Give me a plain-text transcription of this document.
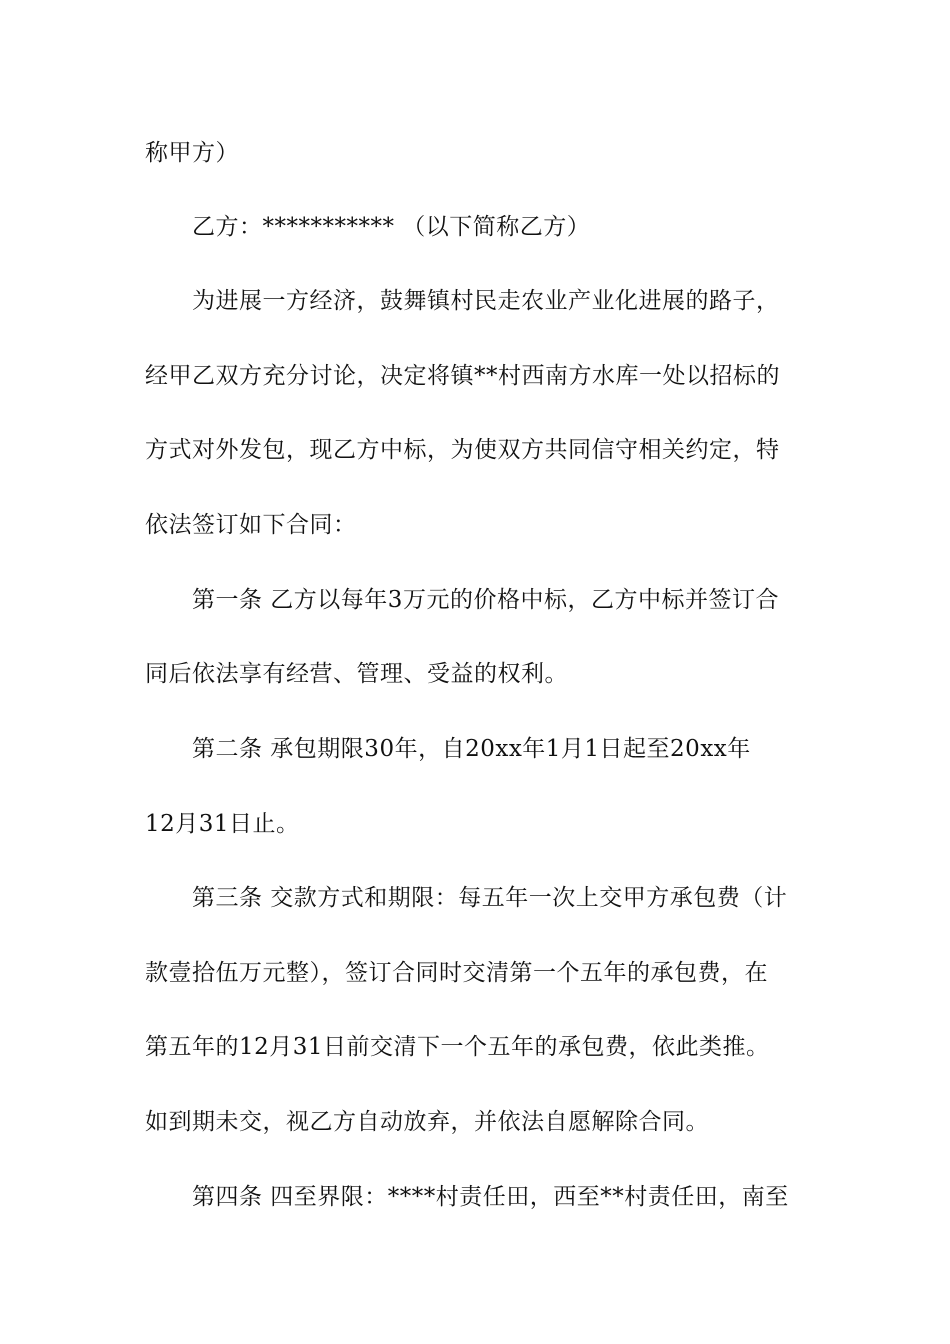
称甲方）
乙方：*********** （以下简称乙方）
为进展一方经济，鼓舞镇村民走农业产业化进展的路子，
经甲乙双方充分讨论，决定将镇**村西南方水库一处以招标的
方式对外发包，现乙方中标，为使双方共同信守相关约定，特
依法签订如下合同：
第一条 乙方以每年3万元的价格中标，乙方中标并签订合
同后依法享有经营、管理、受益的权利。
第二条 承包期限30年，自20xx年1月1日起至20xx年
12月31日止。
第三条 交款方式和期限：每五年一次上交甲方承包费（计
款壹拾伍万元整），签订合同时交清第一个五年的承包费，在
第五年的12月31日前交清下一个五年的承包费，依此类推。
如到期未交，视乙方自动放弃，并依法自愿解除合同。
第四条 四至界限：****村责任田，西至**村责任田，南至
